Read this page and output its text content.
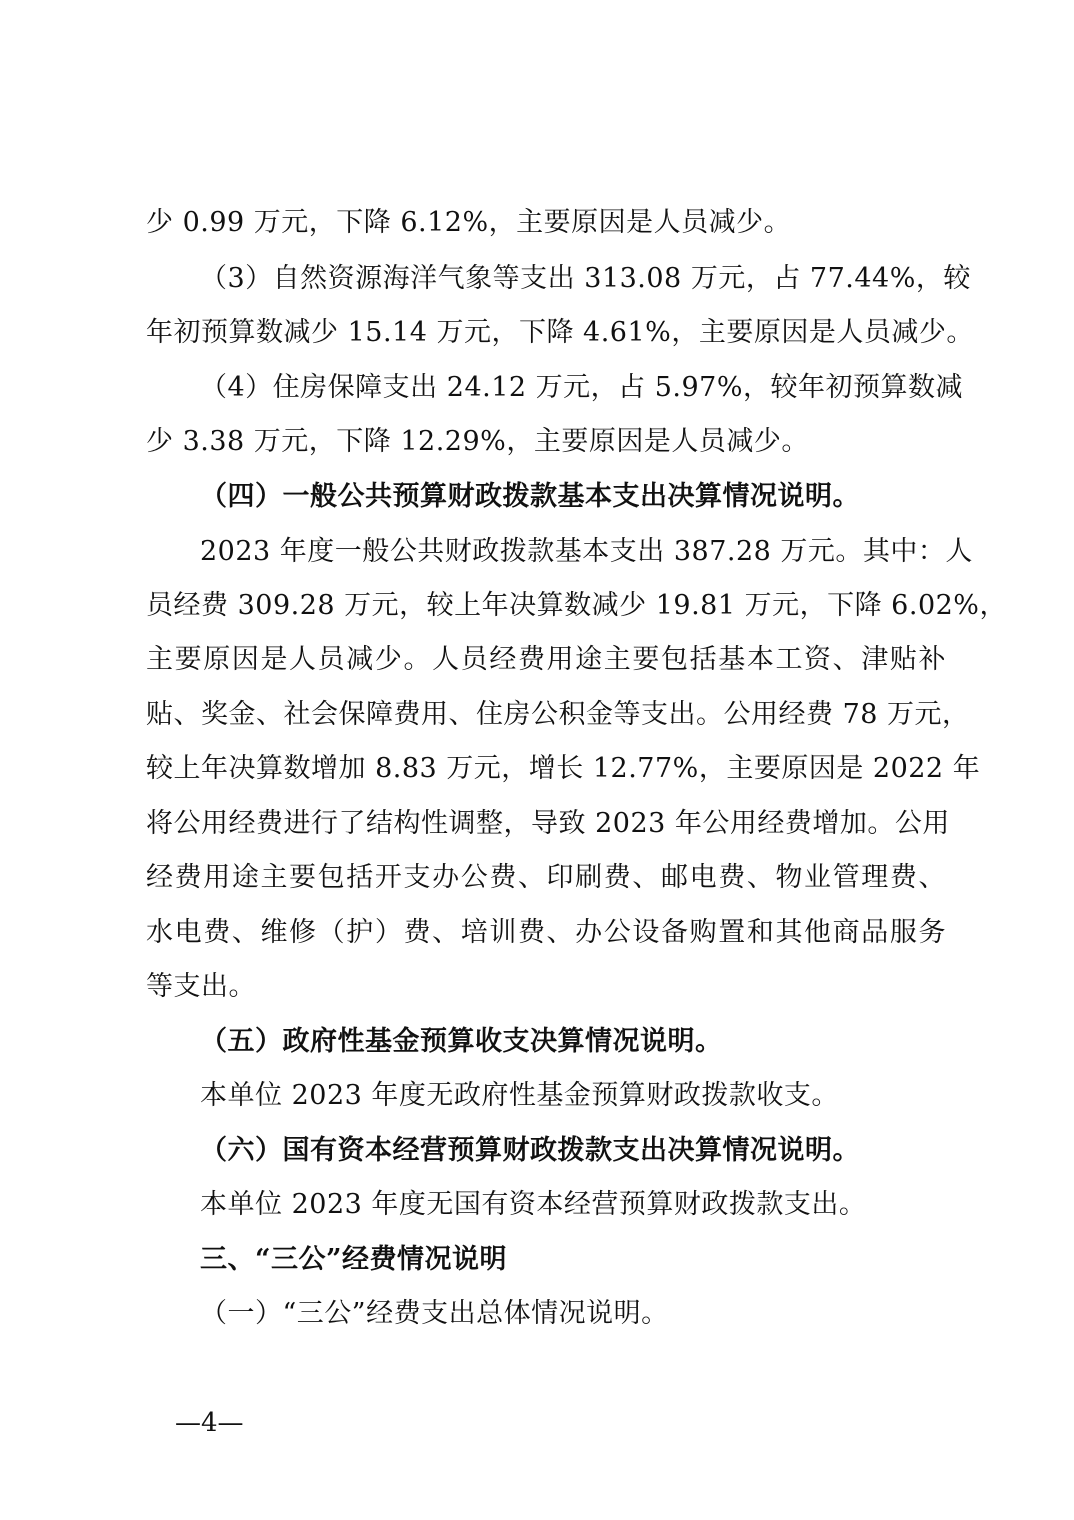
少 0.99 万元，下降 6.12%，主要原因是人员减少。
（3）自然资源海洋气象等支出 313.08 万元，占 77.44%，较
年初预算数减少 15.14 万元，下降 4.61%，主要原因是人员减少。
（4）住房保障支出 24.12 万元，占 5.97%，较年初预算数减
少 3.38 万元，下降 12.29%，主要原因是人员减少。
（四）一般公共预算财政拨款基本支出决算情况说明。
2023 年度一般公共财政拨款基本支出 387.28 万元。其中：人
员经费 309.28 万元，较上年决算数减少 19.81 万元，下降 6.02%，
主要原因是人员减少。人员经费用途主要包括基本工资、津贴补
贴、奖金、社会保障费用、住房公积金等支出。公用经费 78 万元，
较上年决算数增加 8.83 万元，增长 12.77%，主要原因是 2022 年
将公用经费进行了结构性调整，导致 2023 年公用经费增加。公用
经费用途主要包括开支办公费、印刷费、邮电费、物业管理费、
水电费、维修（护）费、培训费、办公设备购置和其他商品服务
等支出。
（五）政府性基金预算收支决算情况说明。
本单位 2023 年度无政府性基金预算财政拨款收支。
（六）国有资本经营预算财政拨款支出决算情况说明。
本单位 2023 年度无国有资本经营预算财政拨款支出。
三、“三公”经费情况说明
（一）“三公”经费支出总体情况说明。
—4—
